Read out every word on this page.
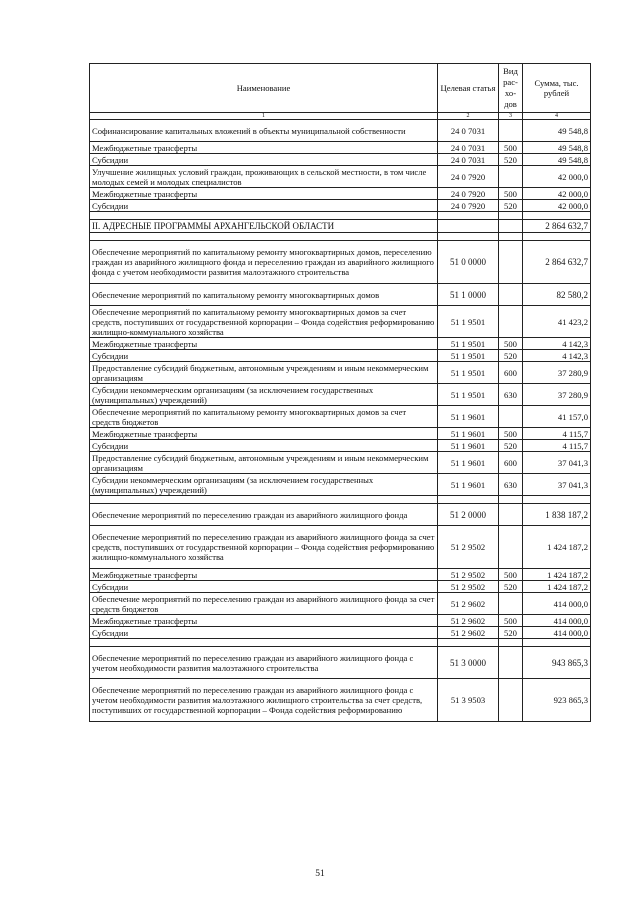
Наименование	Целевая статья	Вид рас-хо-дов	Сумма, тыс. рублей
1	2	3	4
Софинансирование капитальных вложений в объекты муниципальной собственности	24 0 7031		49 548,8
Межбюджетные трансферты	24 0 7031	500	49 548,8
Субсидии	24 0 7031	520	49 548,8
Улучшение жилищных условий граждан, проживающих в сельской местности, в том числе молодых семей и молодых специалистов	24 0 7920		42 000,0
Межбюджетные трансферты	24 0 7920	500	42 000,0
Субсидии	24 0 7920	520	42 000,0

II. АДРЕСНЫЕ ПРОГРАММЫ АРХАНГЕЛЬСКОЙ ОБЛАСТИ			2 864 632,7

Обеспечение мероприятий по капитальному ремонту многоквартирных домов, переселению граждан из аварийного жилищного фонда и переселению граждан из аварийного жилищного фонда с учетом необходимости развития малоэтажного строительства	51 0 0000		2 864 632,7
Обеспечение мероприятий по капитальному ремонту многоквартирных домов	51 1 0000		82 580,2
Обеспечение мероприятий по капитальному ремонту многоквартирных домов за счет средств, поступивших от государственной корпорации – Фонда содействия реформированию жилищно-коммунального хозяйства	51 1 9501		41 423,2
Межбюджетные трансферты	51 1 9501	500	4 142,3
Субсидии	51 1 9501	520	4 142,3
Предоставление субсидий бюджетным, автономным учреждениям и иным некоммерческим организациям	51 1 9501	600	37 280,9
Субсидии некоммерческим организациям (за исключением государственных (муниципальных) учреждений)	51 1 9501	630	37 280,9
Обеспечение мероприятий по капитальному ремонту многоквартирных домов за счет средств бюджетов	51 1 9601		41 157,0
Межбюджетные трансферты	51 1 9601	500	4 115,7
Субсидии	51 1 9601	520	4 115,7
Предоставление субсидий бюджетным, автономным учреждениям и иным некоммерческим организациям	51 1 9601	600	37 041,3
Субсидии некоммерческим организациям (за исключением государственных (муниципальных) учреждений)	51 1 9601	630	37 041,3

Обеспечение мероприятий по переселению граждан из аварийного жилищного фонда	51 2 0000		1 838 187,2
Обеспечение мероприятий по переселению граждан из аварийного жилищного фонда за счет средств, поступивших от государственной корпорации – Фонда содействия реформированию жилищно-коммунального хозяйства	51 2 9502		1 424 187,2
Межбюджетные трансферты	51 2 9502	500	1 424 187,2
Субсидии	51 2 9502	520	1 424 187,2
Обеспечение мероприятий по переселению граждан из аварийного жилищного фонда за счет средств бюджетов	51 2 9602		414 000,0
Межбюджетные трансферты	51 2 9602	500	414 000,0
Субсидии	51 2 9602	520	414 000,0

Обеспечение мероприятий по переселению граждан из аварийного жилищного фонда с учетом необходимости развития малоэтажного строительства	51 3 0000		943 865,3
Обеспечение мероприятий по переселению граждан из аварийного жилищного фонда с учетом необходимости развития малоэтажного жилищного строительства за счет средств, поступивших от государственной корпорации – Фонда содействия реформированию	51 3 9503		923 865,3
51
